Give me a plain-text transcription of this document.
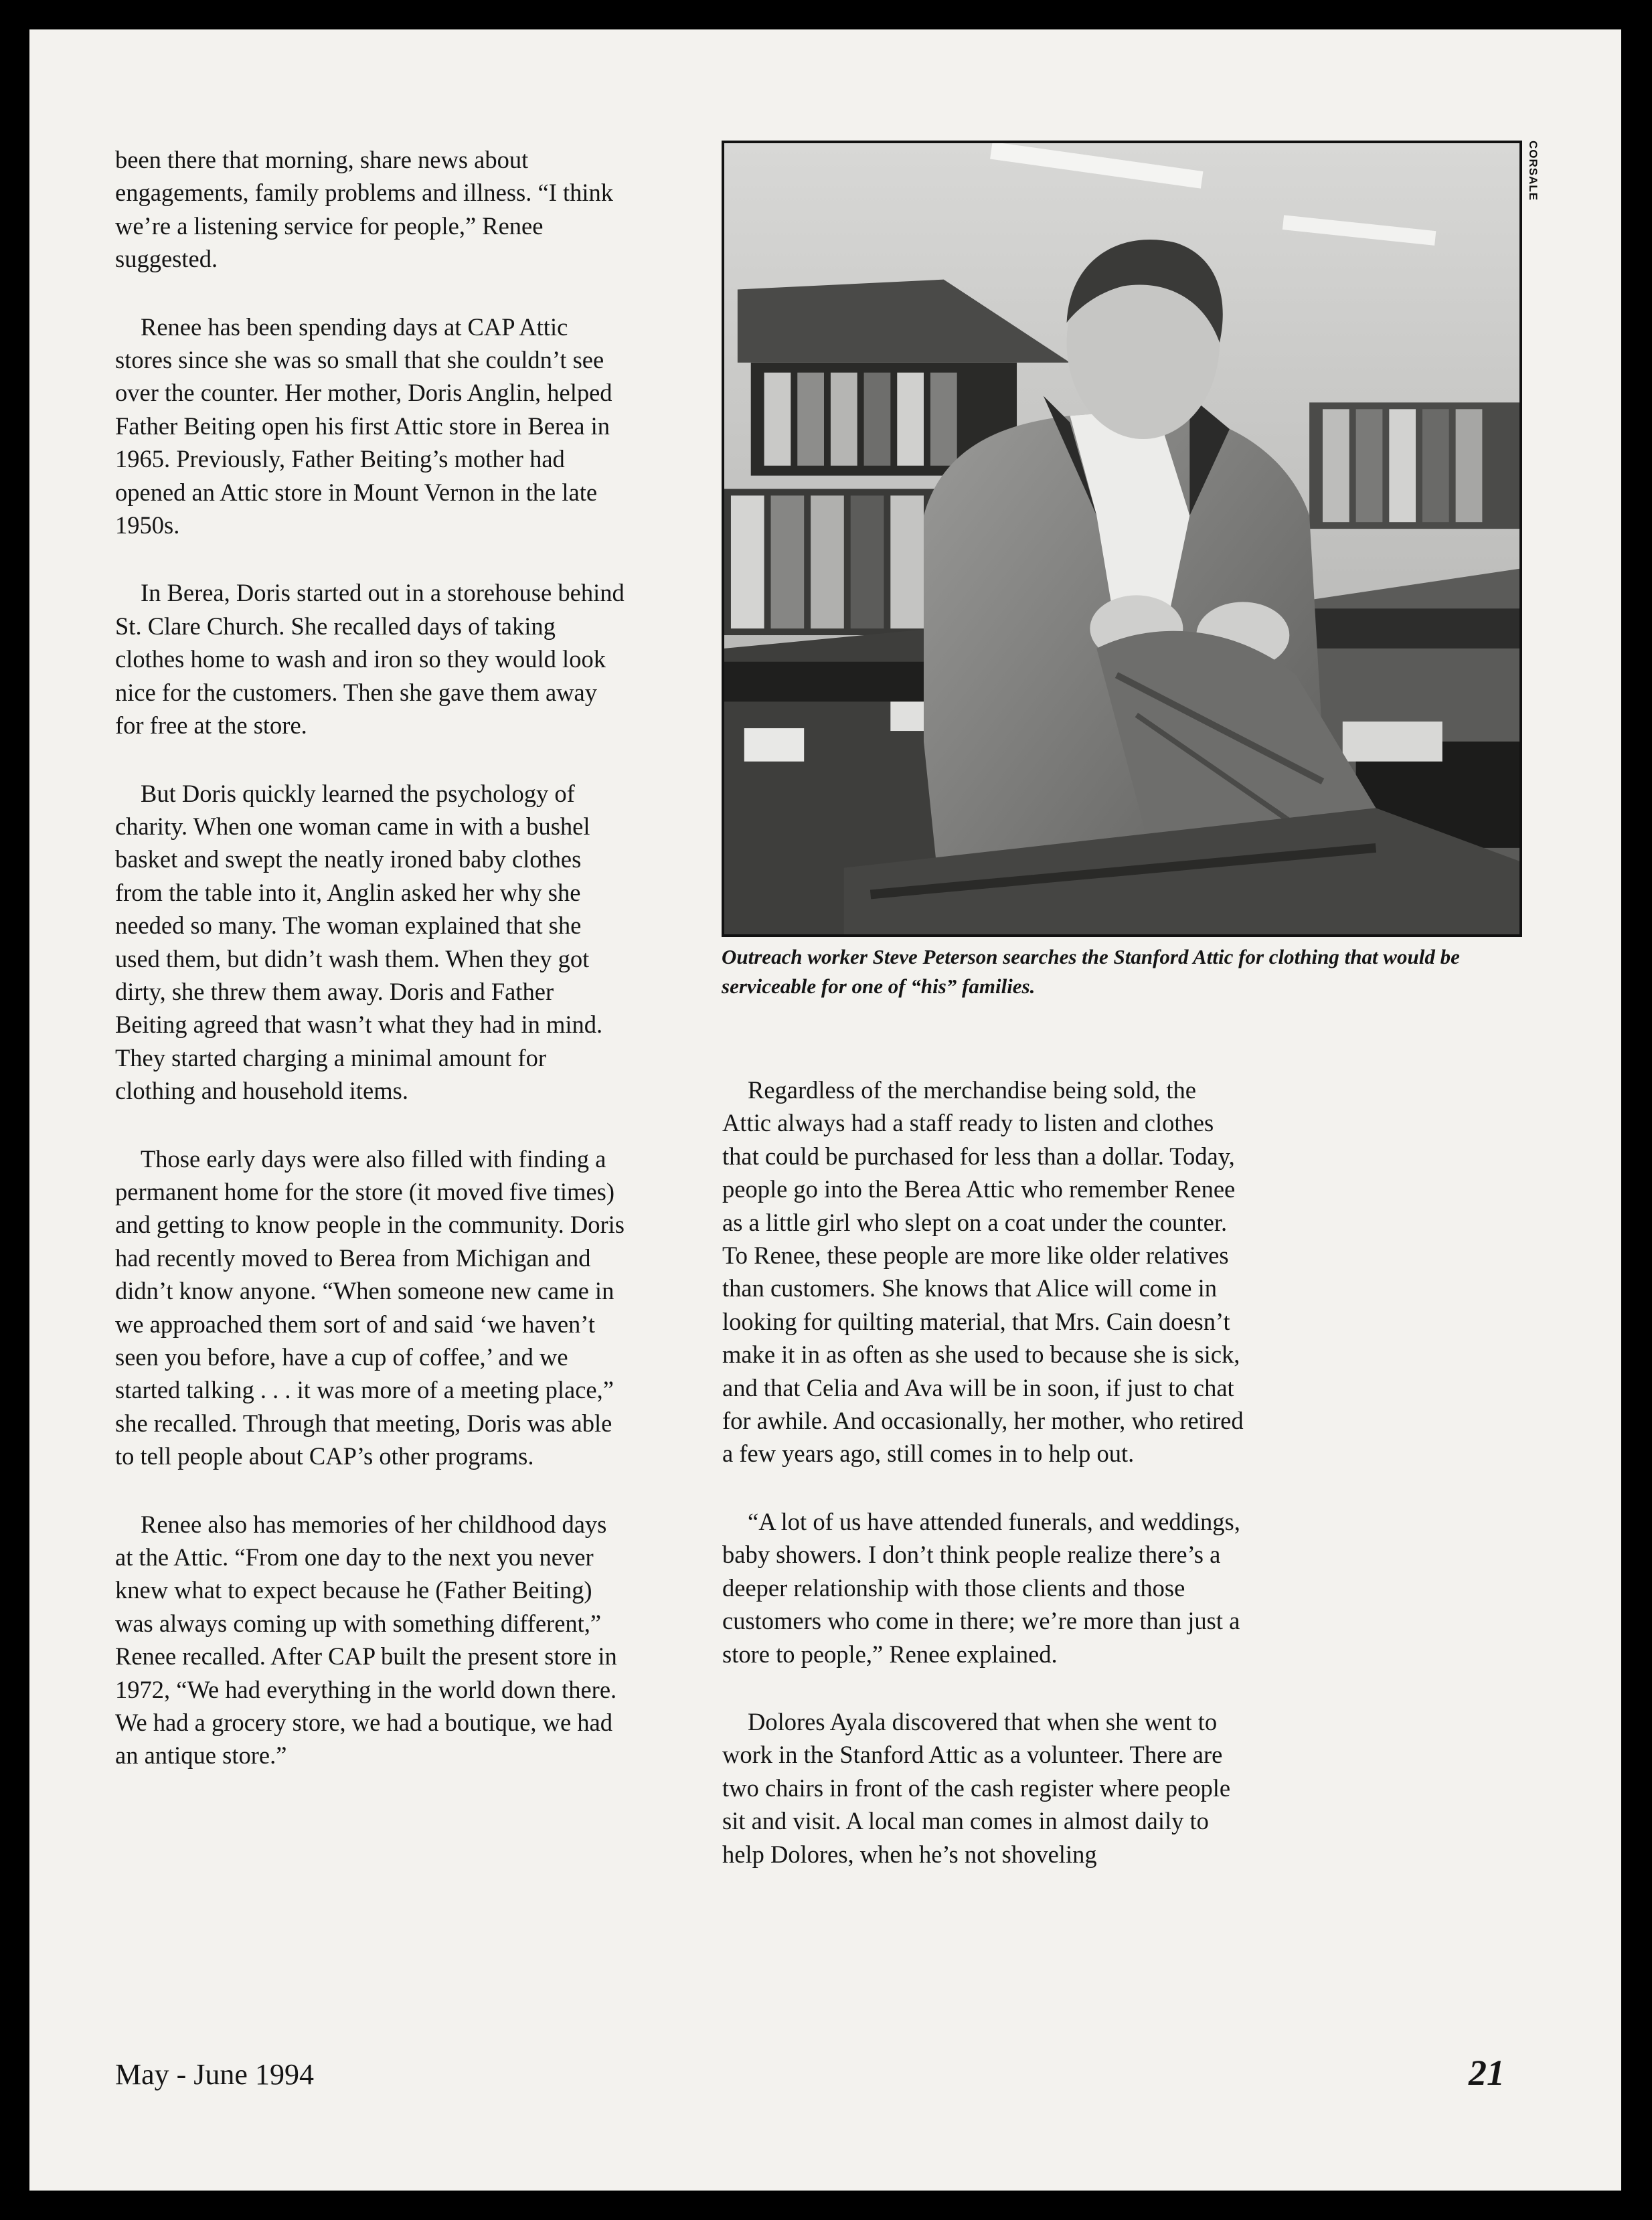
been there that morning, share news about engagements, family problems and illness. “I think we’re a listening service for people,” Renee suggested.

Renee has been spending days at CAP Attic stores since she was so small that she couldn’t see over the counter. Her mother, Doris Anglin, helped Father Beiting open his first Attic store in Berea in 1965. Previously, Father Beiting’s mother had opened an Attic store in Mount Vernon in the late 1950s.

In Berea, Doris started out in a storehouse behind St. Clare Church. She recalled days of taking clothes home to wash and iron so they would look nice for the customers. Then she gave them away for free at the store.

But Doris quickly learned the psychology of charity. When one woman came in with a bushel basket and swept the neatly ironed baby clothes from the table into it, Anglin asked her why she needed so many. The woman explained that she used them, but didn’t wash them. When they got dirty, she threw them away. Doris and Father Beiting agreed that wasn’t what they had in mind. They started charging a minimal amount for clothing and household items.

Those early days were also filled with finding a permanent home for the store (it moved five times) and getting to know people in the community. Doris had recently moved to Berea from Michigan and didn’t know anyone. “When someone new came in we approached them sort of and said ‘we haven’t seen you before, have a cup of coffee,’ and we started talking . . . it was more of a meeting place,” she recalled. Through that meeting, Doris was able to tell people about CAP’s other programs.

Renee also has memories of her childhood days at the Attic. “From one day to the next you never knew what to expect because he (Father Beiting) was always coming up with something different,” Renee recalled. After CAP built the present store in 1972, “We had everything in the world down there. We had a grocery store, we had a boutique, we had an antique store.”

CORSALE

Outreach worker Steve Peterson searches the Stanford Attic for clothing that would be serviceable for one of “his” families.

Regardless of the merchandise being sold, the Attic always had a staff ready to listen and clothes that could be purchased for less than a dollar. Today, people go into the Berea Attic who remember Renee as a little girl who slept on a coat under the counter. To Renee, these people are more like older relatives than customers. She knows that Alice will come in looking for quilting material, that Mrs. Cain doesn’t make it in as often as she used to because she is sick, and that Celia and Ava will be in soon, if just to chat for awhile. And occasionally, her mother, who retired a few years ago, still comes in to help out.

“A lot of us have attended funerals, and weddings, baby showers. I don’t think people realize there’s a deeper relationship with those clients and those customers who come in there; we’re more than just a store to people,” Renee explained.

Dolores Ayala discovered that when she went to work in the Stanford Attic as a volunteer. There are two chairs in front of the cash register where people sit and visit. A local man comes in almost daily to help Dolores, when he’s not shoveling

May - June 1994	21
